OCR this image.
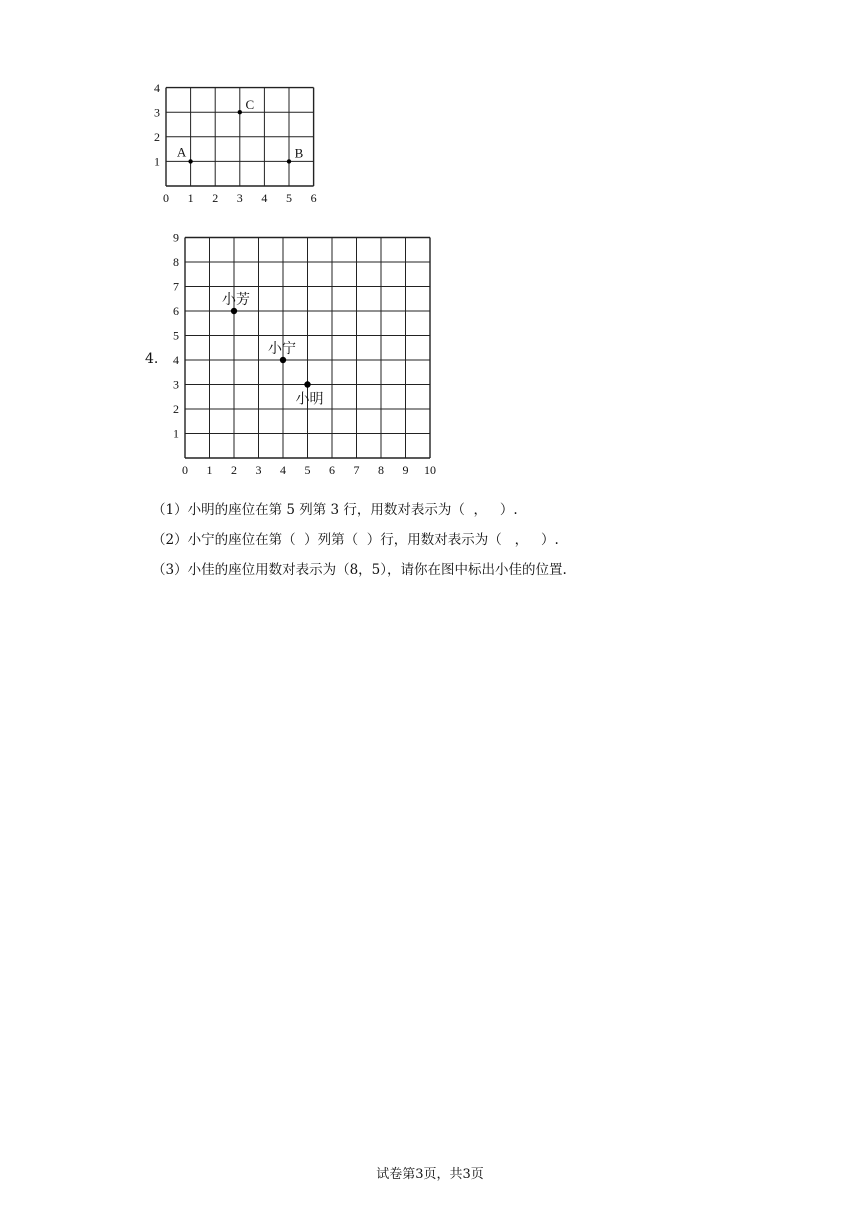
0 1 2 3 4 5 6
1
2
3
4
A	B
C
4.
0 1 2 3 4 5 6 7 8 9 10
1
2
3
4
5
6
7
8
9
小芳
小宁
小明
（1）小明的座位在第 5 列第 3 行，用数对表示为（  ，   ）.
（2）小宁的座位在第（  ）列第（  ）行，用数对表示为（   ，   ）.
（3）小佳的座位用数对表示为（8，5），请你在图中标出小佳的位置.
试卷第3页，共3页
